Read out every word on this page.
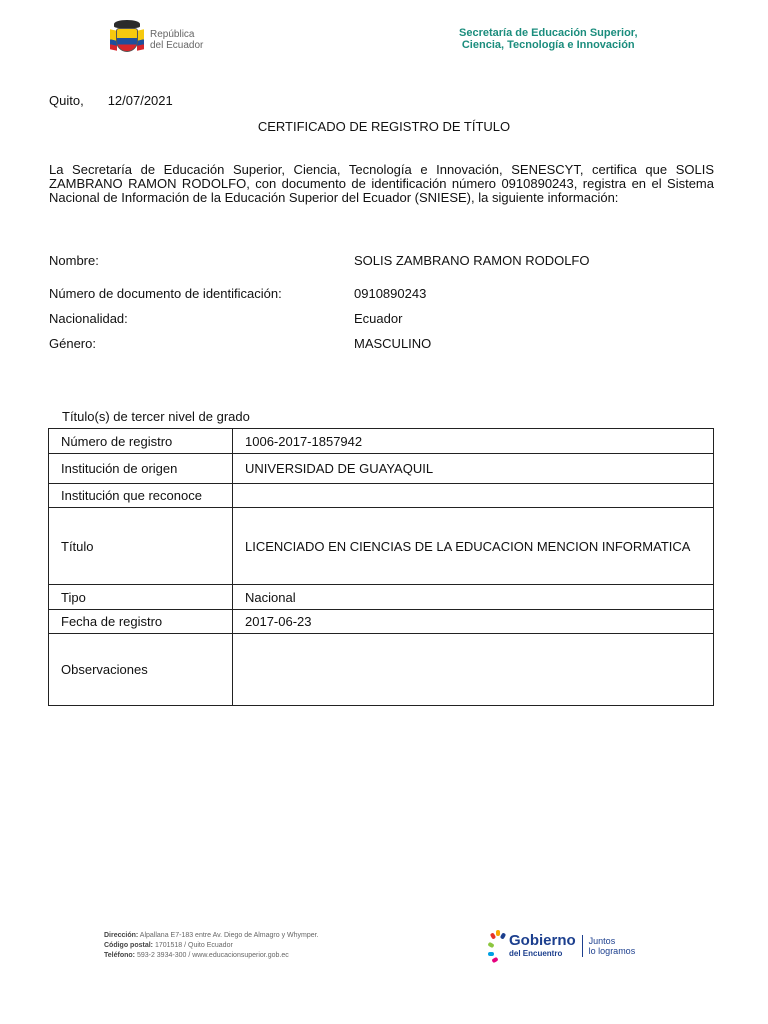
República
del Ecuador
Secretaría de Educación Superior,
Ciencia, Tecnología e Innovación
Quito, 12/07/2021
CERTIFICADO DE REGISTRO DE TÍTULO
La Secretaría de Educación Superior, Ciencia, Tecnología e Innovación, SENESCYT, certifica que SOLIS ZAMBRANO RAMON RODOLFO, con documento de identificación número 0910890243, registra en el Sistema Nacional de Información de la Educación Superior del Ecuador (SNIESE), la siguiente información:
Nombre:	SOLIS ZAMBRANO RAMON RODOLFO
Número de documento de identificación:	0910890243
Nacionalidad:	Ecuador
Género:	MASCULINO
Título(s) de tercer nivel de grado
Número de registro	1006-2017-1857942
Institución de origen	UNIVERSIDAD DE GUAYAQUIL
Institución que reconoce	
Título	LICENCIADO EN CIENCIAS DE LA EDUCACION MENCION INFORMATICA
Tipo	Nacional
Fecha de registro	2017-06-23
Observaciones	
Dirección: Alpallana E7-183 entre Av. Diego de Almagro y Whymper.
Código postal: 1701518 / Quito Ecuador
Teléfono: 593-2 3934-300 / www.educacionsuperior.gob.ec
Gobierno
del Encuentro
Juntos
lo logramos
